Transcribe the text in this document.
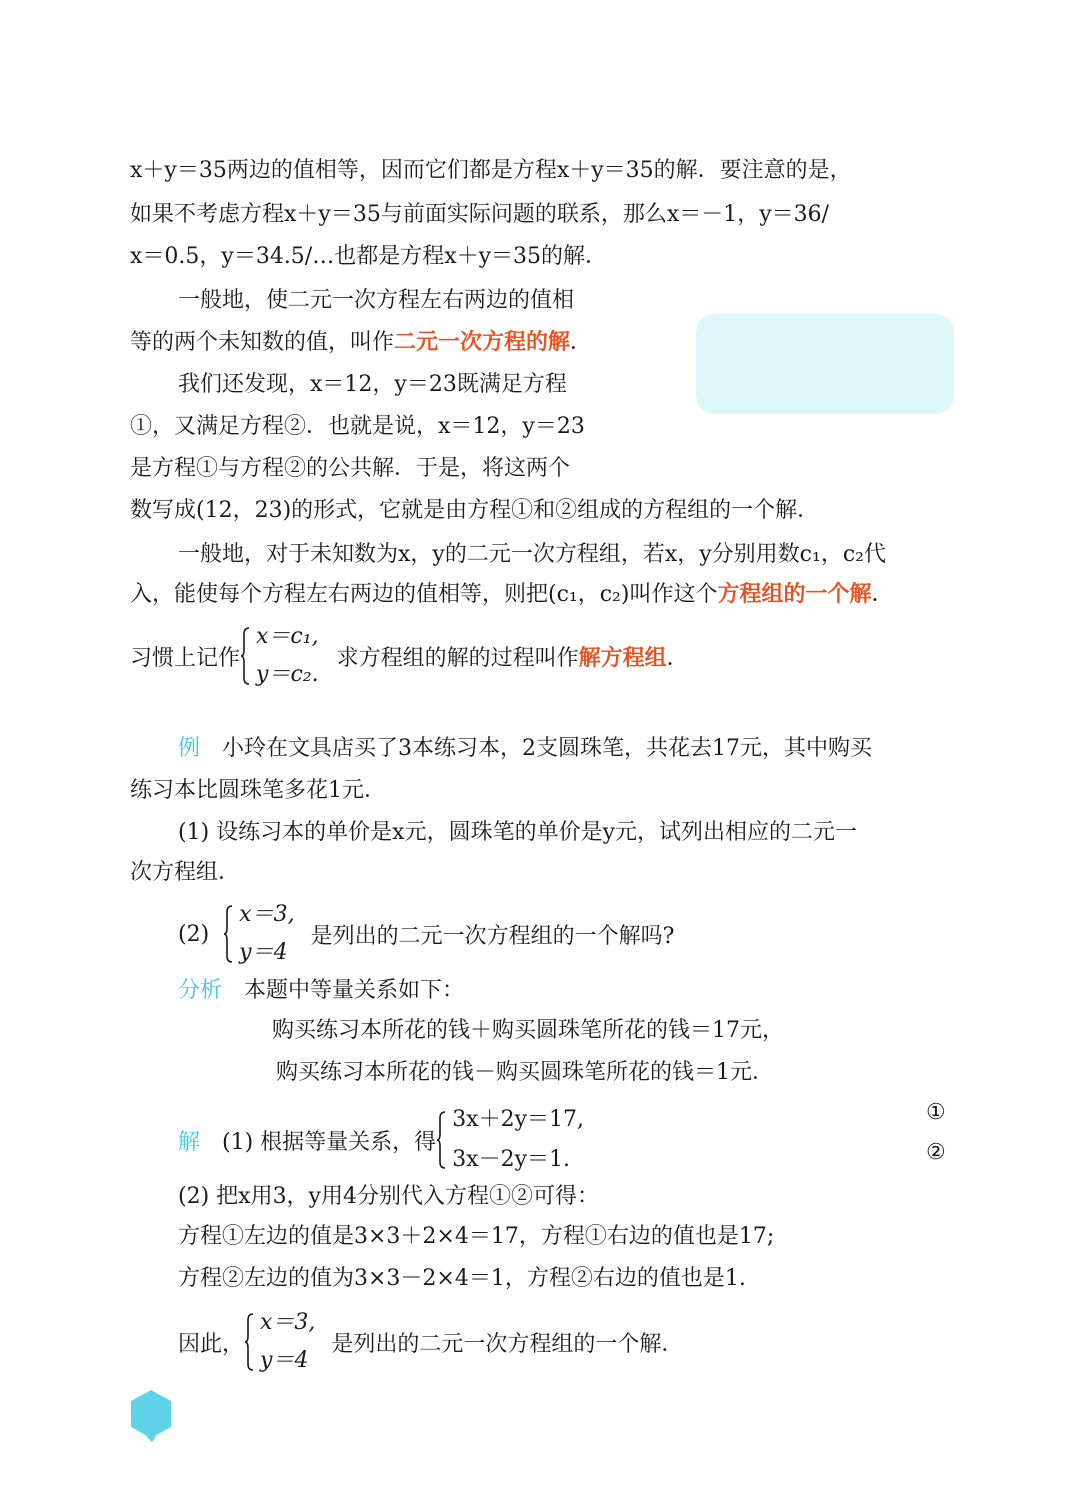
x＋y＝35两边的值相等，因而它们都是方程x＋y＝35的解．要注意的是，
如果不考虑方程x＋y＝35与前面实际问题的联系，那么x＝－1，y＝36/
x＝0.5，y＝34.5/…也都是方程x＋y＝35的解．
一般地，使二元一次方程左右两边的值相
等的两个未知数的值，叫作二元一次方程的解．
我们还发现，x＝12，y＝23既满足方程
①，又满足方程②．也就是说，x＝12，y＝23
是方程①与方程②的公共解．于是，将这两个
数写成(12，23)的形式，它就是由方程①和②组成的方程组的一个解．
一般地，对于未知数为x，y的二元一次方程组，若x，y分别用数c₁，c₂代
入，能使每个方程左右两边的值相等，则把(c₁，c₂)叫作这个方程组的一个解．
习惯上记作
x＝c₁,
y＝c₂.
求方程组的解的过程叫作 解方程组 ．
例 小玲在文具店买了3本练习本，2支圆珠笔，共花去17元，其中购买
练习本比圆珠笔多花1元．
(1) 设练习本的单价是x元，圆珠笔的单价是y元，试列出相应的二元一
次方程组．
(2)
x＝3,
y＝4
是列出的二元一次方程组的一个解吗?
分析 本题中等量关系如下：
购买练习本所花的钱＋购买圆珠笔所花的钱＝17元，
购买练习本所花的钱－购买圆珠笔所花的钱＝1元．
解 (1) 根据等量关系，得
3x＋2y＝17,
3x－2y＝1.
①
②
(2) 把x用3，y用4分别代入方程①②可得：
方程①左边的值是3×3＋2×4＝17，方程①右边的值也是17;
方程②左边的值为3×3－2×4＝1，方程②右边的值也是1.
因此，
x＝3,
y＝4
是列出的二元一次方程组的一个解．
